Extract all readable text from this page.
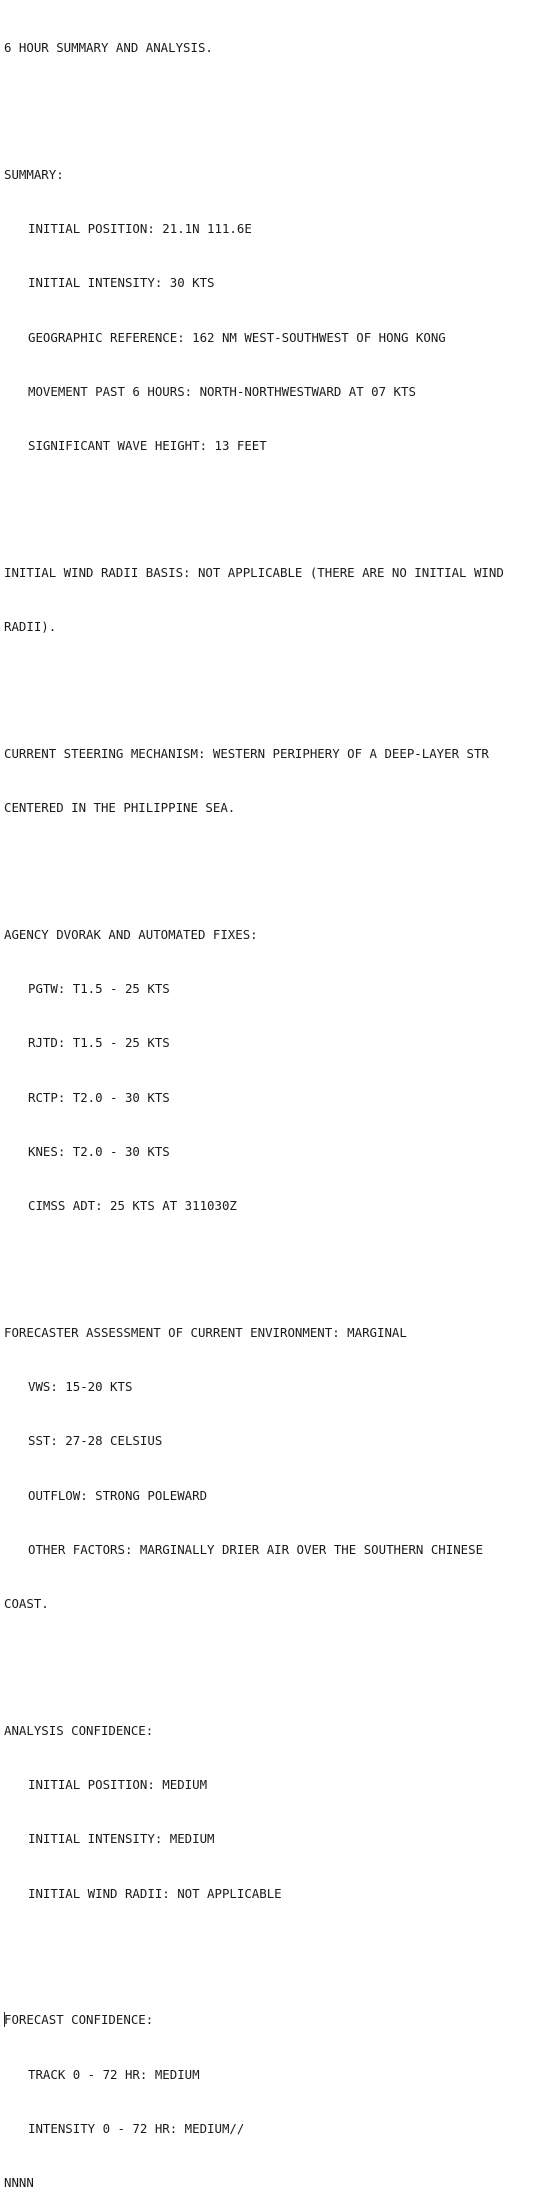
6 HOUR SUMMARY AND ANALYSIS.

SUMMARY:

INITIAL POSITION: 21.1N 111.6E

INITIAL INTENSITY: 30 KTS

GEOGRAPHIC REFERENCE: 162 NM WEST-SOUTHWEST OF HONG KONG

MOVEMENT PAST 6 HOURS: NORTH-NORTHWESTWARD AT 07 KTS

SIGNIFICANT WAVE HEIGHT: 13 FEET

INITIAL WIND RADII BASIS: NOT APPLICABLE (THERE ARE NO INITIAL WIND

RADII).

CURRENT STEERING MECHANISM: WESTERN PERIPHERY OF A DEEP-LAYER STR

CENTERED IN THE PHILIPPINE SEA.

AGENCY DVORAK AND AUTOMATED FIXES:

PGTW: T1.5 - 25 KTS

RJTD: T1.5 - 25 KTS

RCTP: T2.0 - 30 KTS

KNES: T2.0 - 30 KTS

CIMSS ADT: 25 KTS AT 311030Z

FORECASTER ASSESSMENT OF CURRENT ENVIRONMENT: MARGINAL

VWS: 15-20 KTS

SST: 27-28 CELSIUS

OUTFLOW: STRONG POLEWARD

OTHER FACTORS: MARGINALLY DRIER AIR OVER THE SOUTHERN CHINESE

COAST.

ANALYSIS CONFIDENCE:

INITIAL POSITION: MEDIUM

INITIAL INTENSITY: MEDIUM

INITIAL WIND RADII: NOT APPLICABLE

FORECAST CONFIDENCE:

TRACK 0 - 72 HR: MEDIUM

INTENSITY 0 - 72 HR: MEDIUM//

NNNN
